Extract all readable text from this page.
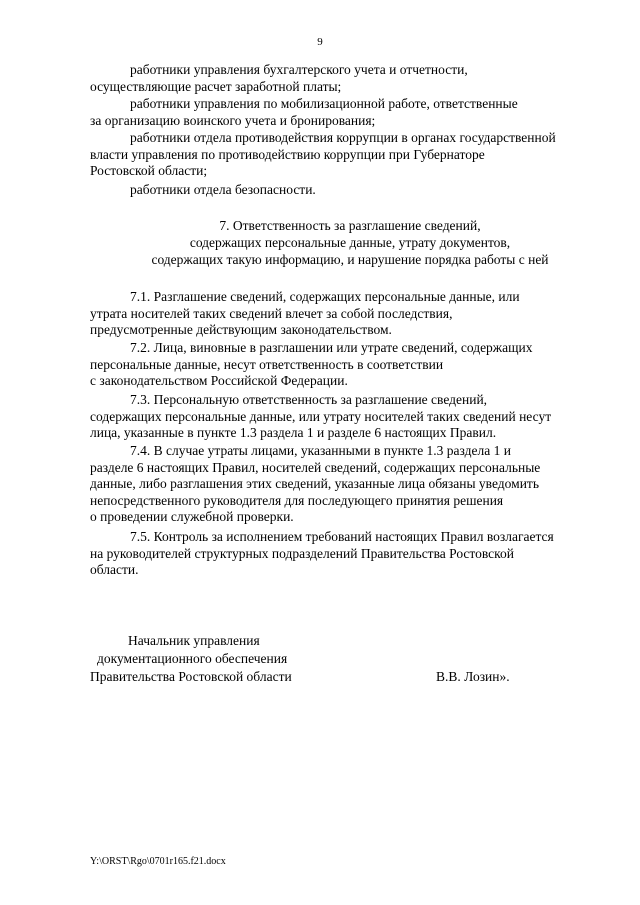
9
работники управления бухгалтерского учета и отчетности,
осуществляющие расчет заработной платы;
работники управления по мобилизационной работе, ответственные
за организацию воинского учета и бронирования;
работники отдела противодействия коррупции в органах государственной
власти управления по противодействию коррупции при Губернаторе
Ростовской области;
работники отдела безопасности.
7. Ответственность за разглашение сведений,
содержащих персональные данные, утрату документов,
содержащих такую информацию, и нарушение порядка работы с ней
7.1. Разглашение сведений, содержащих персональные данные, или
утрата носителей таких сведений влечет за собой последствия,
предусмотренные действующим законодательством.
7.2. Лица, виновные в разглашении или утрате сведений, содержащих
персональные данные, несут ответственность в соответствии
с законодательством Российской Федерации.
7.3. Персональную ответственность за разглашение сведений,
содержащих персональные данные, или утрату носителей таких сведений несут
лица, указанные в пункте 1.3 раздела 1 и разделе 6 настоящих Правил.
7.4. В случае утраты лицами, указанными в пункте 1.3 раздела 1 и
разделе 6 настоящих Правил, носителей сведений, содержащих персональные
данные, либо разглашения этих сведений, указанные лица обязаны уведомить
непосредственного руководителя для последующего принятия решения
о проведении служебной проверки.
7.5. Контроль за исполнением требований настоящих Правил возлагается
на руководителей структурных подразделений Правительства Ростовской
области.
Начальник управления
документационного обеспечения
Правительства Ростовской области	В.В. Лозин».
Y:\ORST\Rgo\0701r165.f21.docx
